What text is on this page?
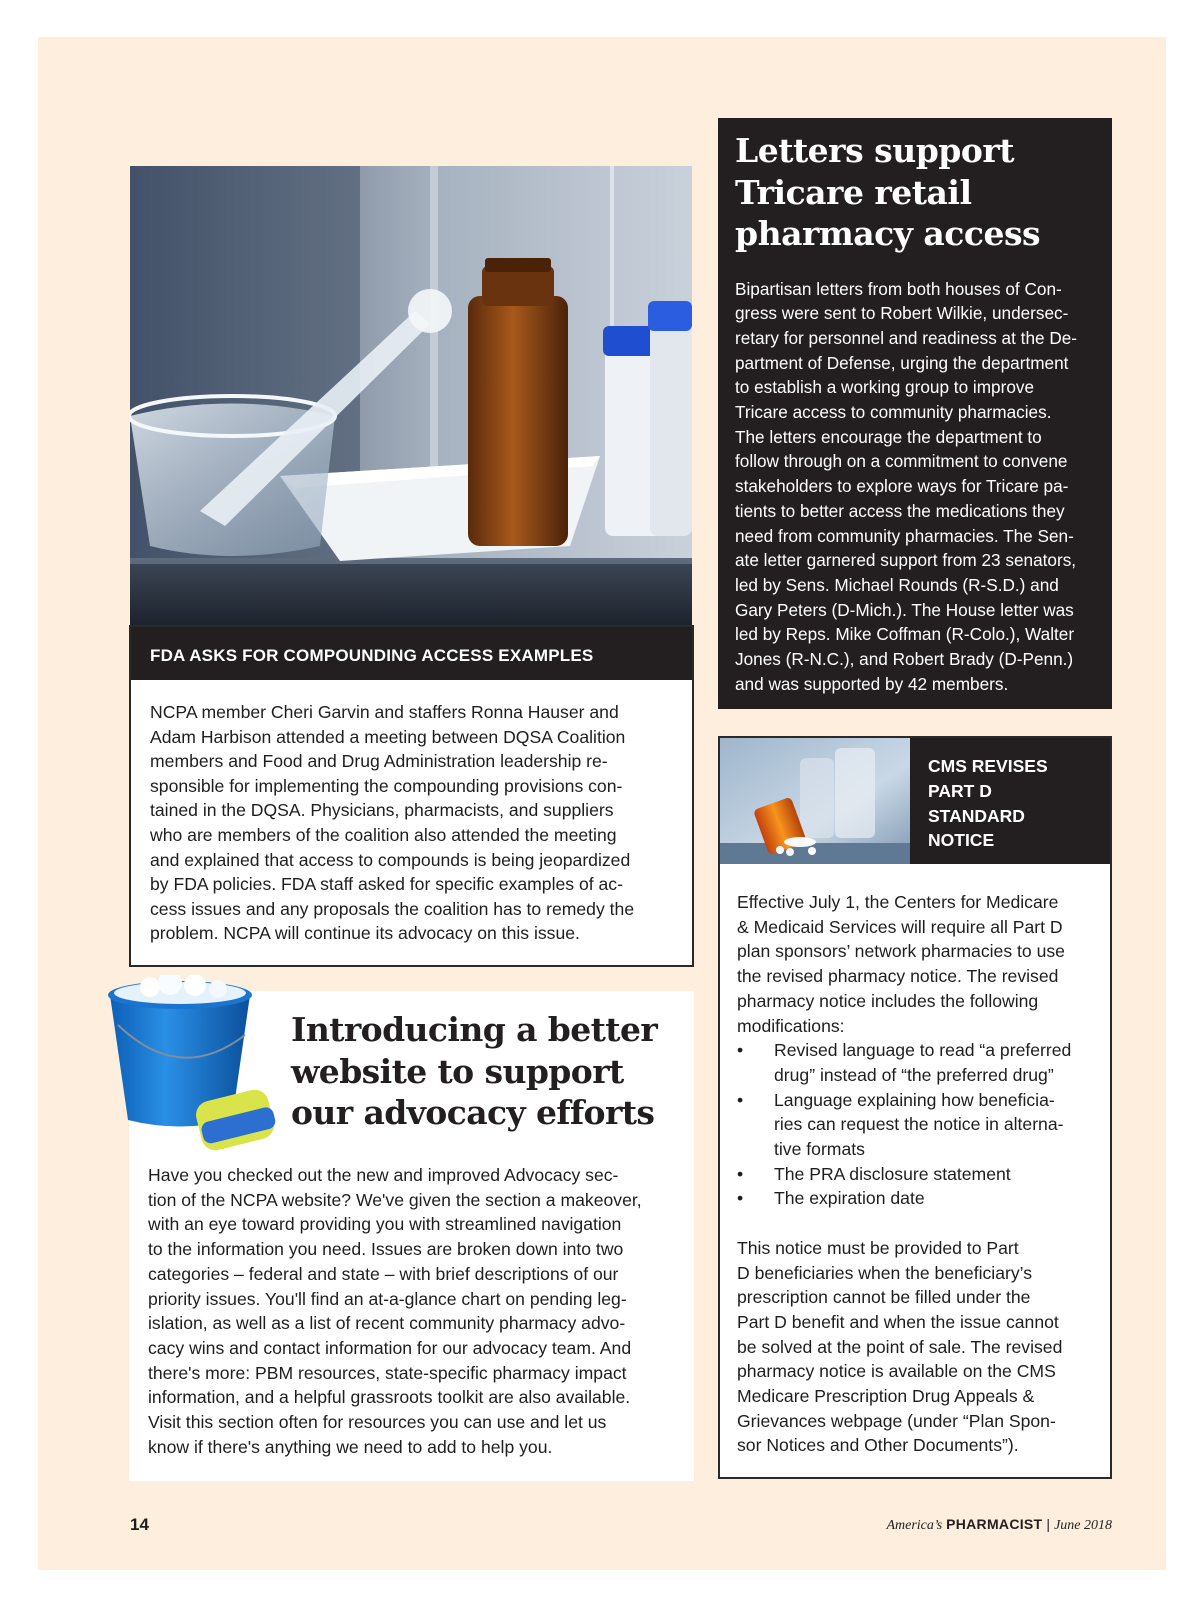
FDA ASKS FOR COMPOUNDING ACCESS EXAMPLES
NCPA member Cheri Garvin and staffers Ronna Hauser and
Adam Harbison attended a meeting between DQSA Coalition
members and Food and Drug Administration leadership re-
sponsible for implementing the compounding provisions con-
tained in the DQSA. Physicians, pharmacists, and suppliers
who are members of the coalition also attended the meeting
and explained that access to compounds is being jeopardized
by FDA policies. FDA staff asked for specific examples of ac-
cess issues and any proposals the coalition has to remedy the
problem. NCPA will continue its advocacy on this issue.
Introducing a better
website to support
our advocacy efforts
Have you checked out the new and improved Advocacy sec-
tion of the NCPA website? We've given the section a makeover,
with an eye toward providing you with streamlined navigation
to the information you need. Issues are broken down into two
categories – federal and state – with brief descriptions of our
priority issues. You'll find an at-a-glance chart on pending leg-
islation, as well as a list of recent community pharmacy advo-
cacy wins and contact information for our advocacy team. And
there's more: PBM resources, state-specific pharmacy impact
information, and a helpful grassroots toolkit are also available.
Visit this section often for resources you can use and let us
know if there's anything we need to add to help you.
Letters support
Tricare retail
pharmacy access
Bipartisan letters from both houses of Con-
gress were sent to Robert Wilkie, undersec-
retary for personnel and readiness at the De-
partment of Defense, urging the department
to establish a working group to improve
Tricare access to community pharmacies.
The letters encourage the department to
follow through on a commitment to convene
stakeholders to explore ways for Tricare pa-
tients to better access the medications they
need from community pharmacies. The Sen-
ate letter garnered support from 23 senators,
led by Sens. Michael Rounds (R-S.D.) and
Gary Peters (D-Mich.). The House letter was
led by Reps. Mike Coffman (R-Colo.), Walter
Jones (R-N.C.), and Robert Brady (D-Penn.)
and was supported by 42 members.
CMS REVISES
PART D
STANDARD
NOTICE

Effective July 1, the Centers for Medicare
& Medicaid Services will require all Part D
plan sponsors’ network pharmacies to use
the revised pharmacy notice. The revised
pharmacy notice includes the following
modifications:

• Revised language to read “a preferred
drug” instead of “the preferred drug”
• Language explaining how beneficia-
ries can request the notice in alterna-
tive formats
• The PRA disclosure statement
• The expiration date

This notice must be provided to Part
D beneficiaries when the beneficiary’s
prescription cannot be filled under the
Part D benefit and when the issue cannot
be solved at the point of sale. The revised
pharmacy notice is available on the CMS
Medicare Prescription Drug Appeals &
Grievances webpage (under “Plan Spon-
sor Notices and Other Documents”).

14	America’s PHARMACIST | June 2018
